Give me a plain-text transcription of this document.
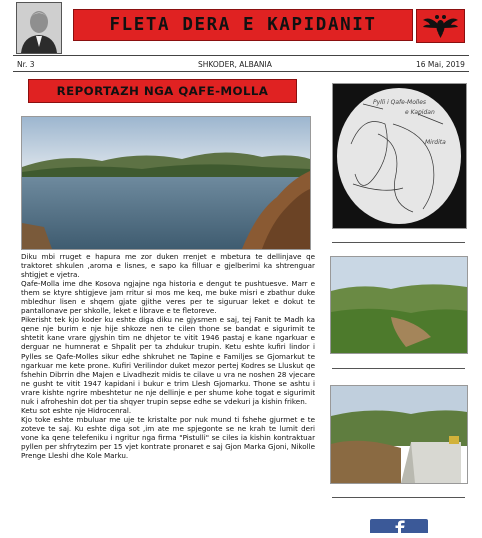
FLETA DERA E KAPIDANIT
Nr. 3	SHKODER, ALBANIA	16 Mai, 2019
REPORTAZH NGA QAFE-MOLLA

Diku mbi rruget e hapura me zor duken rrenjet e mbetura te dellinjave qe traktoret shkulen ,aroma e lisnes, e sapo ka filluar e gjelberimi ka shtrenguar shtigjet e vjetra.

Qafe-Molla ime dhe Kosova ngjajne nga historia e dengut te pushtuesve. Marr e them se ktyre shtigjeve jam rritur si mos me keq, me buke misri e zbathur duke mbledhur lisen e shqem gjate gjithe veres per te siguruar leket e dokut te pantallonave per shkolle, leket e librave e te fletoreve.

Pikerisht tek kjo koder ku eshte diga diku ne gjysmen e saj, tej Fanit te Madh ka qene nje burim e nje hije shkoze nen te cilen thone se bandat e sigurimit te shtetit kane vrare gjyshin tim ne dhjetor te vitit 1946 pastaj e kane ngarkuar e derguar ne humnerat e Shpalit per ta zhdukur trupin. Ketu eshte kufiri lindor i Pylles se Qafe-Molles sikur edhe shkruhet ne Tapine e Familjes se Gjomarkut te ngarkuar me kete prone. Kufiri Verilindor duket mezor pertej Kodres se Lluskut qe fshehin Dibrrin dhe Majen e Livadhezit midis te cilave u vra ne noshen 28 vjecare ne gusht te vitit 1947 kapidani i bukur e trim Llesh Gjomarku. Thone se ashtu i vrare kishte ngrire mbeshtetur ne nje dellinje e per shume kohe togat e sigurimit nuk i afroheshin dot per tia shqyer trupin sepse edhe se vdekuri ja kishin friken.

Ketu sot eshte nje Hidrocenral.

Kjo toke eshte mbuluar me uje te kristalte por nuk mund ti fshehe gjurmet e te zoteve te saj. Ku eshte diga sot ,im ate me spjegonte se ne krah te lumit deri vone ka qene telefeniku i ngritur nga firma "Pistulli" se ciles ia kishin kontraktuar pyllen per shfrytezim per 15 vjet kontrate pronaret e saj Gjon Marka Gjoni, Nikolle Prenge Lleshi dhe Kole Marku.

Pylli i Qafe-Molles
e Kapidan
Mirdita
